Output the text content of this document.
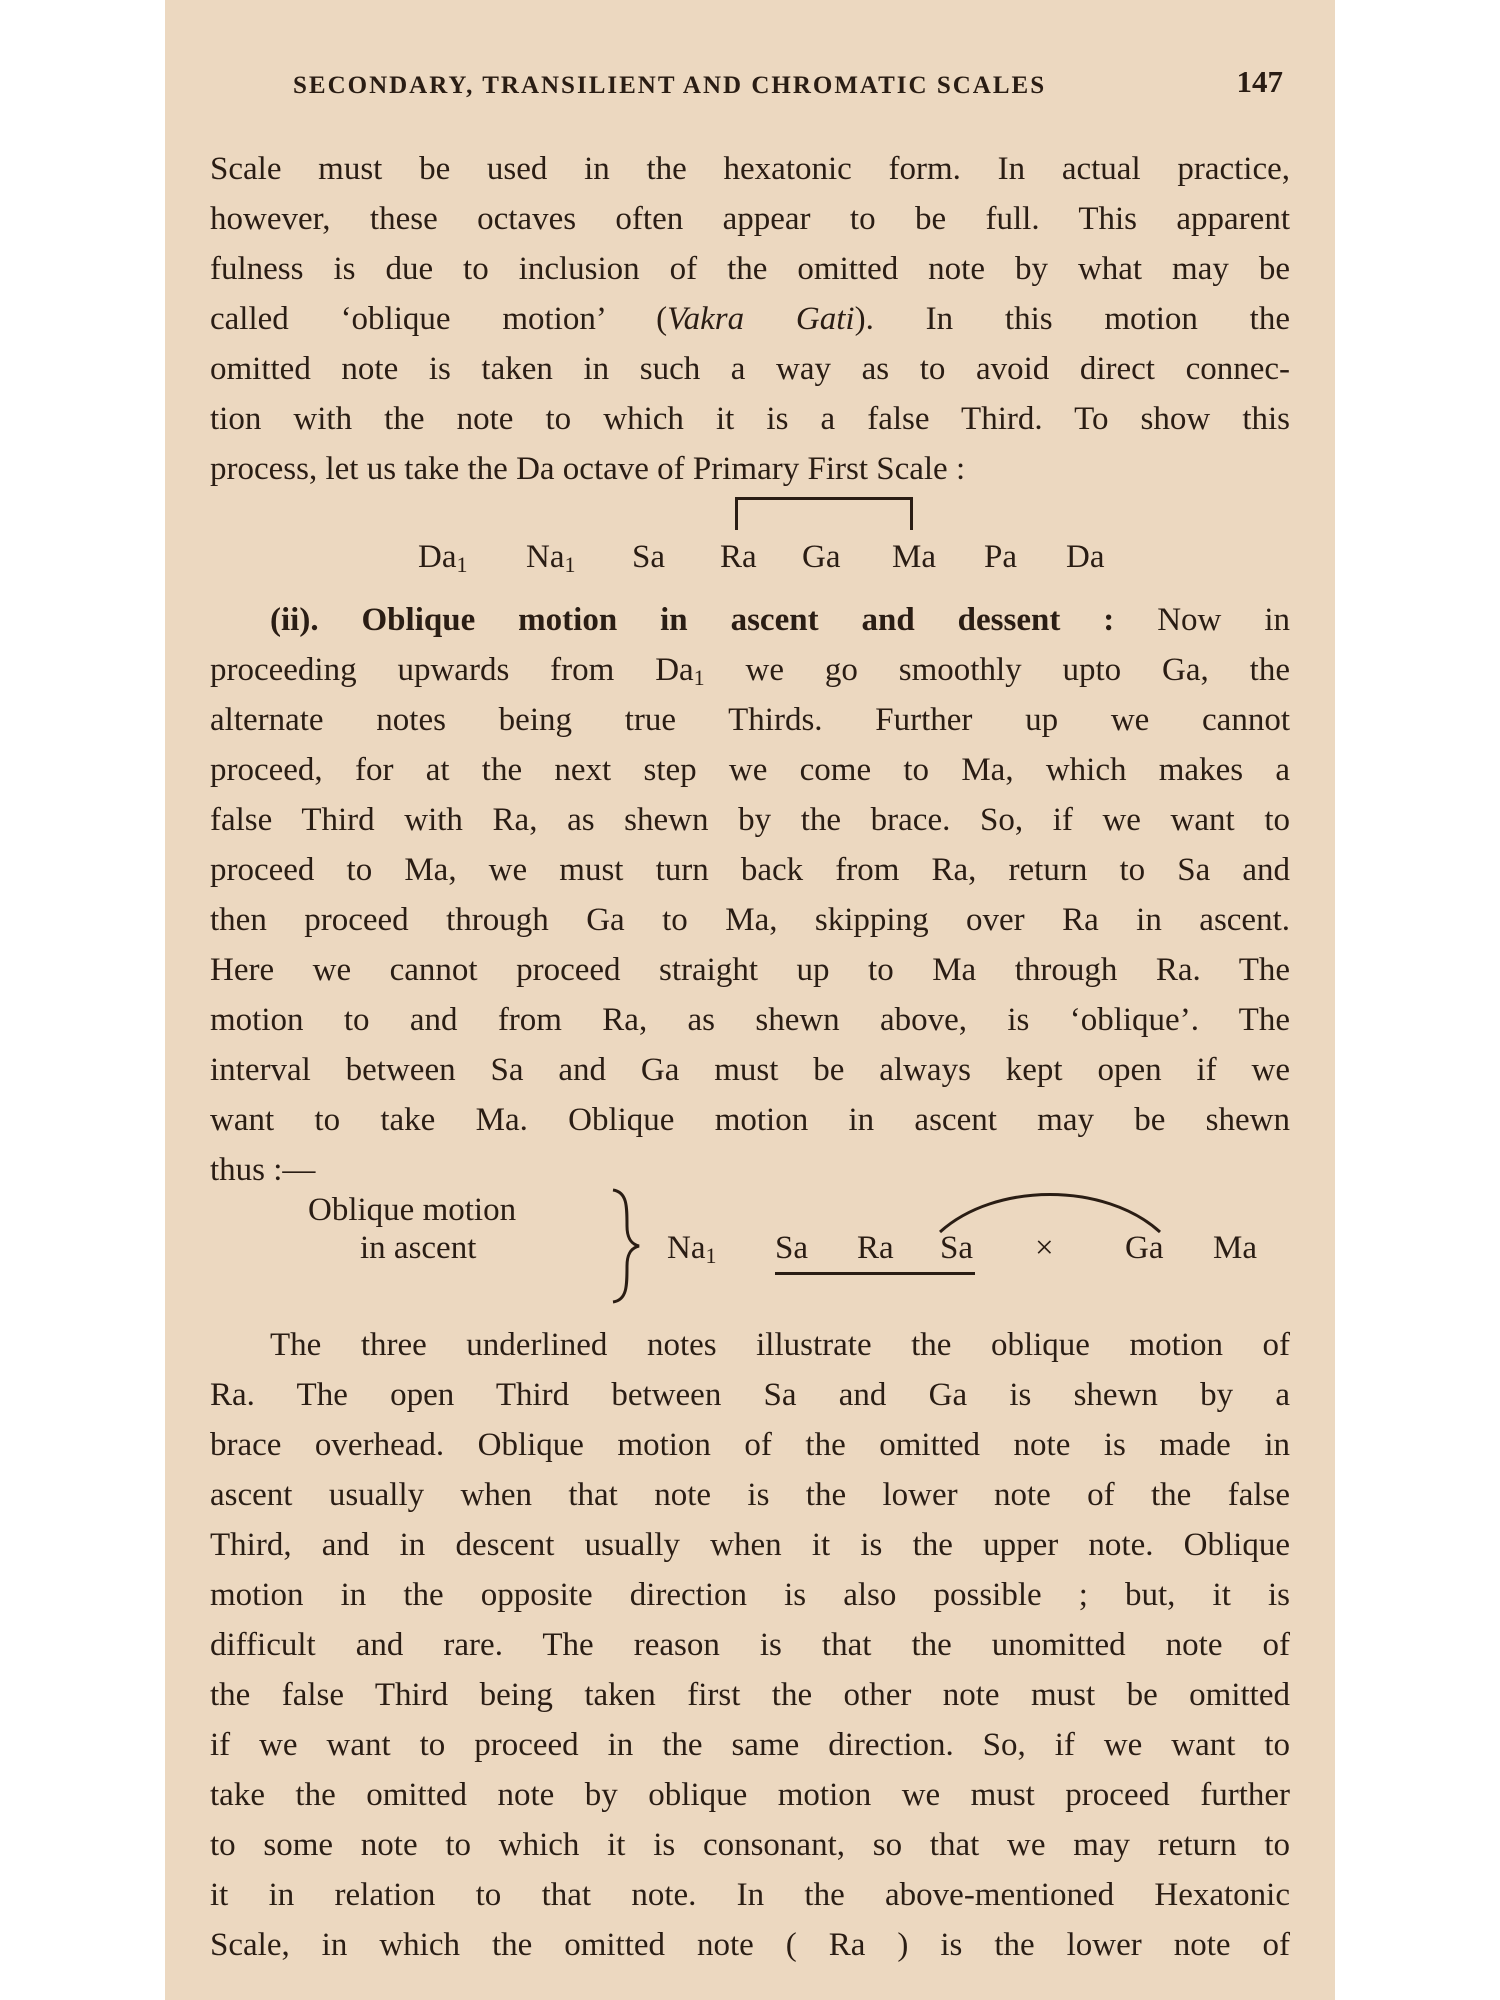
SECONDARY, TRANSILIENT AND CHROMATIC SCALES	147
Scale must be used in the hexatonic form. In actual practice,
however, these octaves often appear to be full. This apparent
fulness is due to inclusion of the omitted note by what may be
called ‘oblique motion’ (Vakra Gati). In this motion the
omitted note is taken in such a way as to avoid direct connec-
tion with the note to which it is a false Third. To show this
process, let us take the Da octave of Primary First Scale :
$Da_1$ $Na_1$ Sa Ra Ga Ma Pa Da
(ii). Oblique motion in ascent and dessent : Now in
proceeding upwards from $Da_1$ we go smoothly upto Ga, the
alternate notes being true Thirds. Further up we cannot
proceed, for at the next step we come to Ma, which makes a
false Third with Ra, as shewn by the brace. So, if we want to
proceed to Ma, we must turn back from Ra, return to Sa and
then proceed through Ga to Ma, skipping over Ra in ascent.
Here we cannot proceed straight up to Ma through Ra. The
motion to and from Ra, as shewn above, is ‘oblique’. The
interval between Sa and Ga must be always kept open if we
want to take Ma. Oblique motion in ascent may be shewn
thus :—
Oblique motion
in ascent	$Na_1$ Sa Ra Sa × Ga Ma
The three underlined notes illustrate the oblique motion of
Ra. The open Third between Sa and Ga is shewn by a
brace overhead. Oblique motion of the omitted note is made in
ascent usually when that note is the lower note of the false
Third, and in descent usually when it is the upper note. Oblique
motion in the opposite direction is also possible ; but, it is
difficult and rare. The reason is that the unomitted note of
the false Third being taken first the other note must be omitted
if we want to proceed in the same direction. So, if we want to
take the omitted note by oblique motion we must proceed further
to some note to which it is consonant, so that we may return to
it in relation to that note. In the above-mentioned Hexatonic
Scale, in which the omitted note ( Ra ) is the lower note of
